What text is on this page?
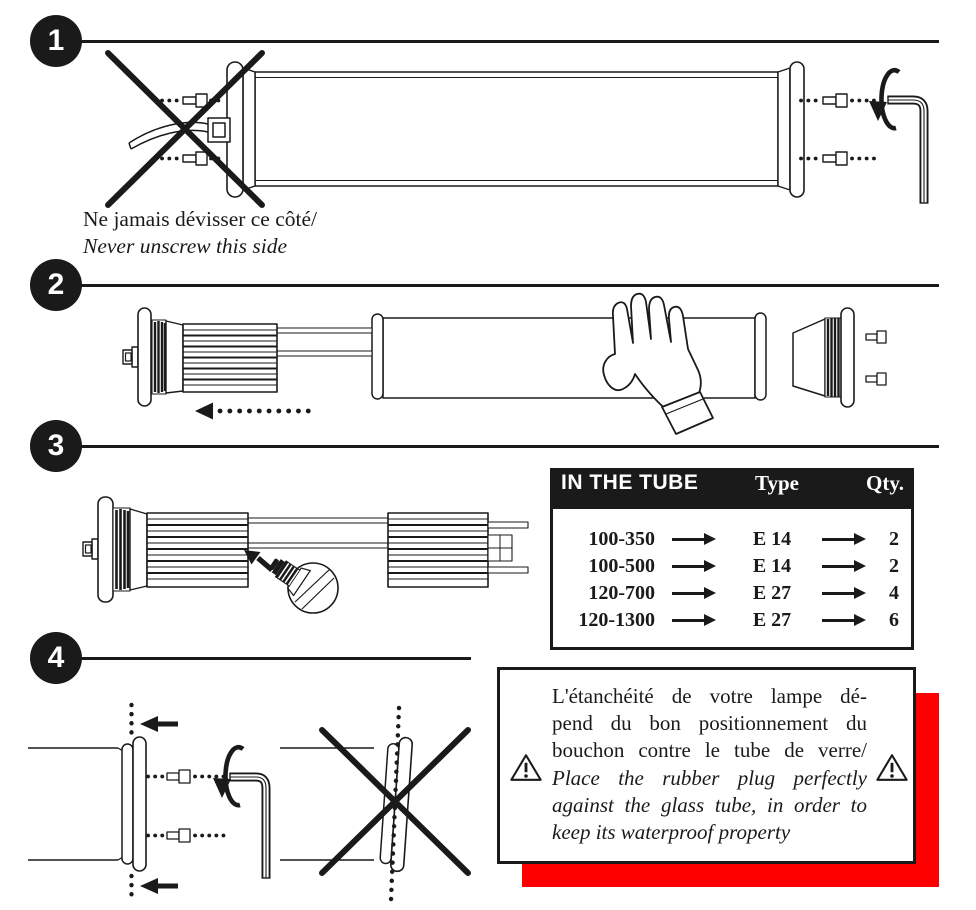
1
2
3
4
Ne jamais dévisser ce côté/
Never unscrew this side
IN THE TUBE	Type	Qty.
100-350	E 14	2
100-500	E 14	2
120-700	E 27	4
120-1300	E 27	6
L'étanchéité de votre lampe dé-
pend du bon positionnement du
bouchon contre le tube de verre/
Place the rubber plug perfectly
against the glass tube, in order to
keep its waterproof property
